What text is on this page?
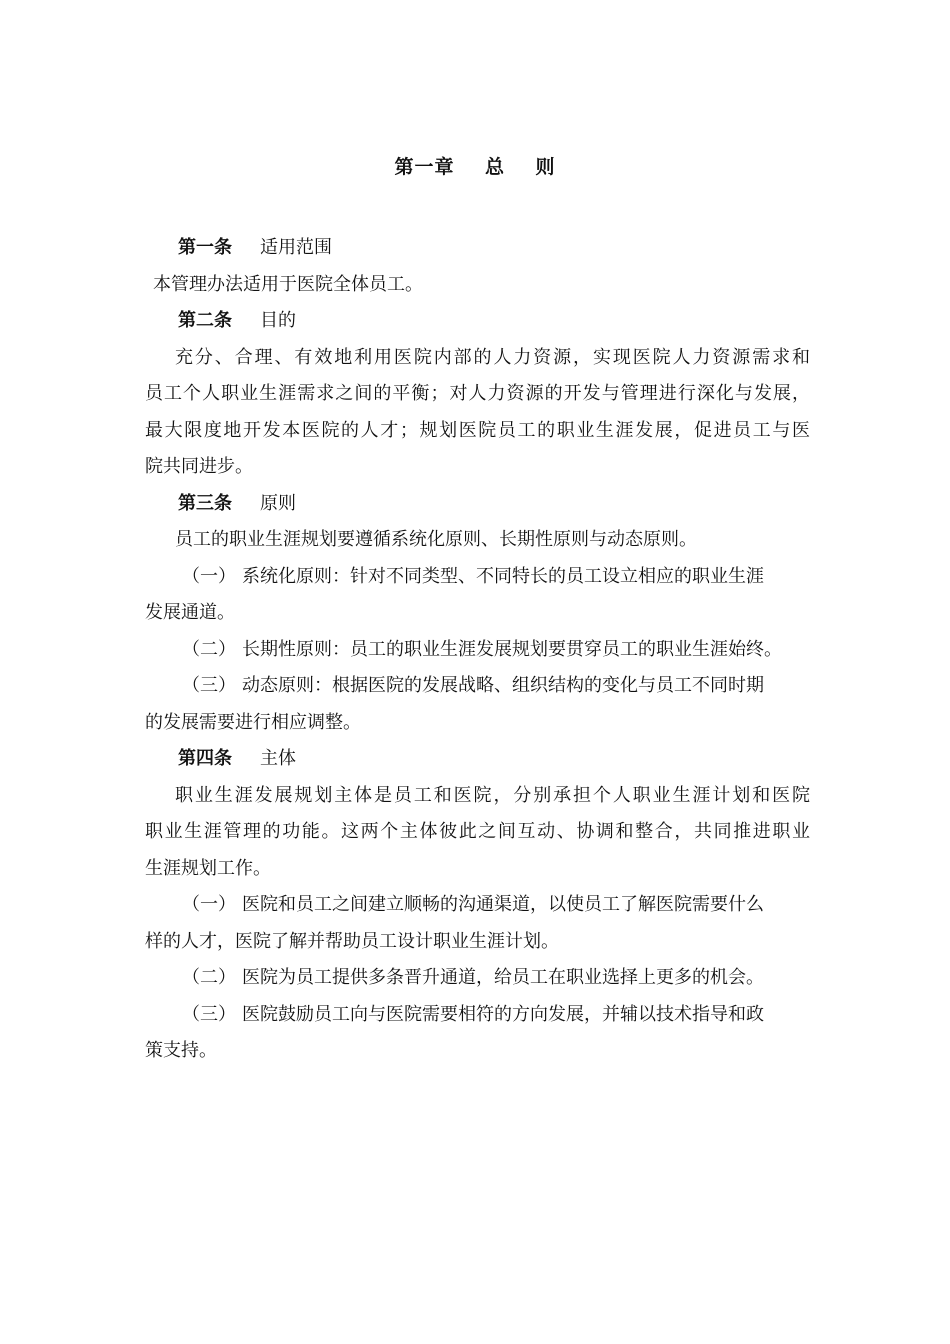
第一章    总    则
第一条 适用范围
本管理办法适用于医院全体员工。
第二条 目的
充分、合理、有效地利用医院内部的人力资源，实现医院人力资源需求和
员工个人职业生涯需求之间的平衡；对人力资源的开发与管理进行深化与发展，
最大限度地开发本医院的人才；规划医院员工的职业生涯发展，促进员工与医
院共同进步。
第三条 原则
员工的职业生涯规划要遵循系统化原则、长期性原则与动态原则。
（一） 系统化原则：针对不同类型、不同特长的员工设立相应的职业生涯
发展通道。
（二） 长期性原则：员工的职业生涯发展规划要贯穿员工的职业生涯始终。
（三） 动态原则：根据医院的发展战略、组织结构的变化与员工不同时期
的发展需要进行相应调整。
第四条 主体
职业生涯发展规划主体是员工和医院，分别承担个人职业生涯计划和医院
职业生涯管理的功能。这两个主体彼此之间互动、协调和整合，共同推进职业
生涯规划工作。
（一） 医院和员工之间建立顺畅的沟通渠道，以使员工了解医院需要什么
样的人才，医院了解并帮助员工设计职业生涯计划。
（二） 医院为员工提供多条晋升通道，给员工在职业选择上更多的机会。
（三） 医院鼓励员工向与医院需要相符的方向发展，并辅以技术指导和政
策支持。
